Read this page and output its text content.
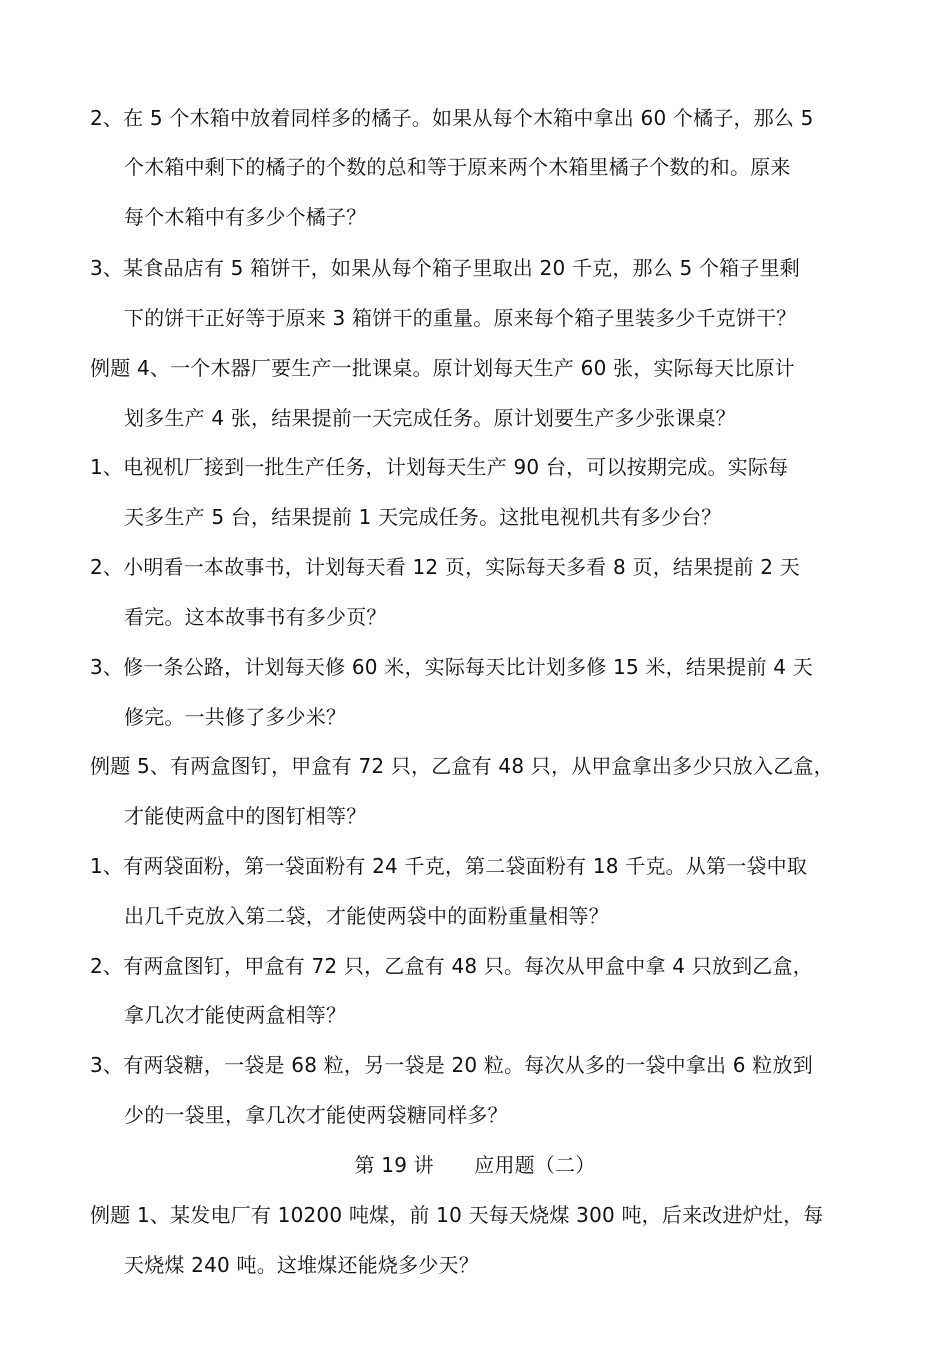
2、在 5 个木箱中放着同样多的橘子。如果从每个木箱中拿出 60 个橘子，那么 5
个木箱中剩下的橘子的个数的总和等于原来两个木箱里橘子个数的和。原来
每个木箱中有多少个橘子？
3、某食品店有 5 箱饼干，如果从每个箱子里取出 20 千克，那么 5 个箱子里剩
下的饼干正好等于原来 3 箱饼干的重量。原来每个箱子里装多少千克饼干？
例题 4、一个木器厂要生产一批课桌。原计划每天生产 60 张，实际每天比原计
划多生产 4 张，结果提前一天完成任务。原计划要生产多少张课桌？
1、电视机厂接到一批生产任务，计划每天生产 90 台，可以按期完成。实际每
天多生产 5 台，结果提前 1 天完成任务。这批电视机共有多少台？
2、小明看一本故事书，计划每天看 12 页，实际每天多看 8 页，结果提前 2 天
看完。这本故事书有多少页？
3、修一条公路，计划每天修 60 米，实际每天比计划多修 15 米，结果提前 4 天
修完。一共修了多少米？
例题 5、有两盒图钉，甲盒有 72 只，乙盒有 48 只，从甲盒拿出多少只放入乙盒，
才能使两盒中的图钉相等？
1、有两袋面粉，第一袋面粉有 24 千克，第二袋面粉有 18 千克。从第一袋中取
出几千克放入第二袋，才能使两袋中的面粉重量相等？
2、有两盒图钉，甲盒有 72 只，乙盒有 48 只。每次从甲盒中拿 4 只放到乙盒，
拿几次才能使两盒相等？
3、有两袋糖，一袋是 68 粒，另一袋是 20 粒。每次从多的一袋中拿出 6 粒放到
少的一袋里，拿几次才能使两袋糖同样多？
第 19 讲　　应用题（二）
例题 1、某发电厂有 10200 吨煤，前 10 天每天烧煤 300 吨，后来改进炉灶，每
天烧煤 240 吨。这堆煤还能烧多少天？
